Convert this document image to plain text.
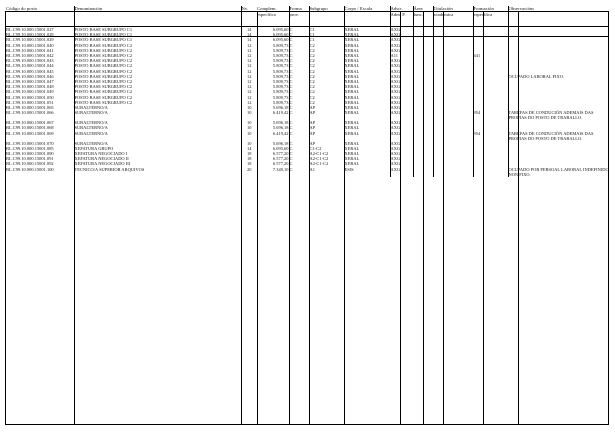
Código do posto	Denominación	Nv.	Complem.
específico	Forma
prov.	Subgrupo	Corpo / Escala	Adscr.
Adm. P.	Área
func.	Titulación
académica	Formación
específica	Observacións

BL.C99.10.000.15001.027	POSTO BASE SUBGRUPO C1	14	6.095,60	C	C1	XERAL	AXG				
BL.C99.10.000.15001.028	POSTO BASE SUBGRUPO C1	14	6.095,60	C	C1	XERAL	AXG				
BL.C99.10.000.15001.029	POSTO BASE SUBGRUPO C1	14	6.095,60	C	C1	XERAL	AXG				
BL.C99.10.000.15001.040	POSTO BASE SUBGRUPO C2	12	5.809,73	C	C2	XERAL	AXG				
BL.C99.10.000.15001.041	POSTO BASE SUBGRUPO C2	12	5.809,73	C	C2	XERAL	AXG				
BL.C99.10.000.15001.042	POSTO BASE SUBGRUPO C2	12	5.809,73	C	C2	XERAL	A11			641	
BL.C99.10.000.15001.043	POSTO BASE SUBGRUPO C2	12	5.809,73	C	C2	XERAL	AXG				
BL.C99.10.000.15001.044	POSTO BASE SUBGRUPO C2	12	5.809,73	C	C2	XERAL	AXG				
BL.C99.10.000.15001.045	POSTO BASE SUBGRUPO C2	12	5.809,73	C	C2	XERAL	AXG				
BL.C99.10.000.15001.046	POSTO BASE SUBGRUPO C2	12	5.809,73	C	C2	XERAL	AXG				OCUPADO LABORAL FIXO.
BL.C99.10.000.15001.047	POSTO BASE SUBGRUPO C2	12	5.809,73	C	C2	XERAL	AXG				
BL.C99.10.000.15001.048	POSTO BASE SUBGRUPO C2	12	5.809,73	C	C2	XERAL	AXG				
BL.C99.10.000.15001.049	POSTO BASE SUBGRUPO C2	12	5.809,73	C	C2	XERAL	AXG				
BL.C99.10.000.15001.050	POSTO BASE SUBGRUPO C2	12	5.809,73	C	C2	XERAL	AXG				
BL.C99.10.000.15001.051	POSTO BASE SUBGRUPO C2	12	5.809,73	C	C2	XERAL	AXG				
BL.C99.10.000.15001.065	SUBALTERNO/A	10	5.696,18	C	AP	XERAL	AXG				
BL.C99.10.000.15001.066	SUBALTERNO/A	10	6.419,42	C	AP	XERAL	AXG			954	TAREFAS DE CONDUCIÓN ADEMAIS DAS PROPIAS DO POSTO DE TRABALLO.
BL.C99.10.000.15001.067	SUBALTERNO/A	10	5.696,18	C	AP	XERAL	AXG				
BL.C99.10.000.15001.068	SUBALTERNO/A	10	5.696,18	C	AP	XERAL	AXG				
BL.C99.10.000.15001.069	SUBALTERNO/A	10	6.419,42	C	AP	XERAL	AXG			954	TAREFAS DE CONDUCIÓN ADEMAIS DAS PROPIAS DO POSTO DE TRABALLO.
BL.C99.10.000.15001.070	SUBALTERNO/A	10	5.696,18	C	AP	XERAL	AXG				
BL.C99.10.000.15001.085	XEFATURA GRUPO	14	6.095,60	C	C1-C2	XERAL	AXG				
BL.C99.10.000.15001.090	XEFATURA NEGOCIADO I	18	6.577,20	C	A2-C1-C2	XERAL	AXG				
BL.C99.10.000.15001.091	XEFATURA NEGOCIADO II	18	6.577,20	C	A2-C1-C2	XERAL	AXG				
BL.C99.10.000.15001.092	XEFATURA NEGOCIADO III	18	6.577,20	C	A2-C1-C2	XERAL	AXG				
BL.C99.10.000.15001.100	TECNICO/A SUPERIOR ARQUIVOS	20	7.349,10	C	A1	ESIS	AXG				OCUPADO POR PERSOAL LABORAL INDEFINIDO NON FIXO.
